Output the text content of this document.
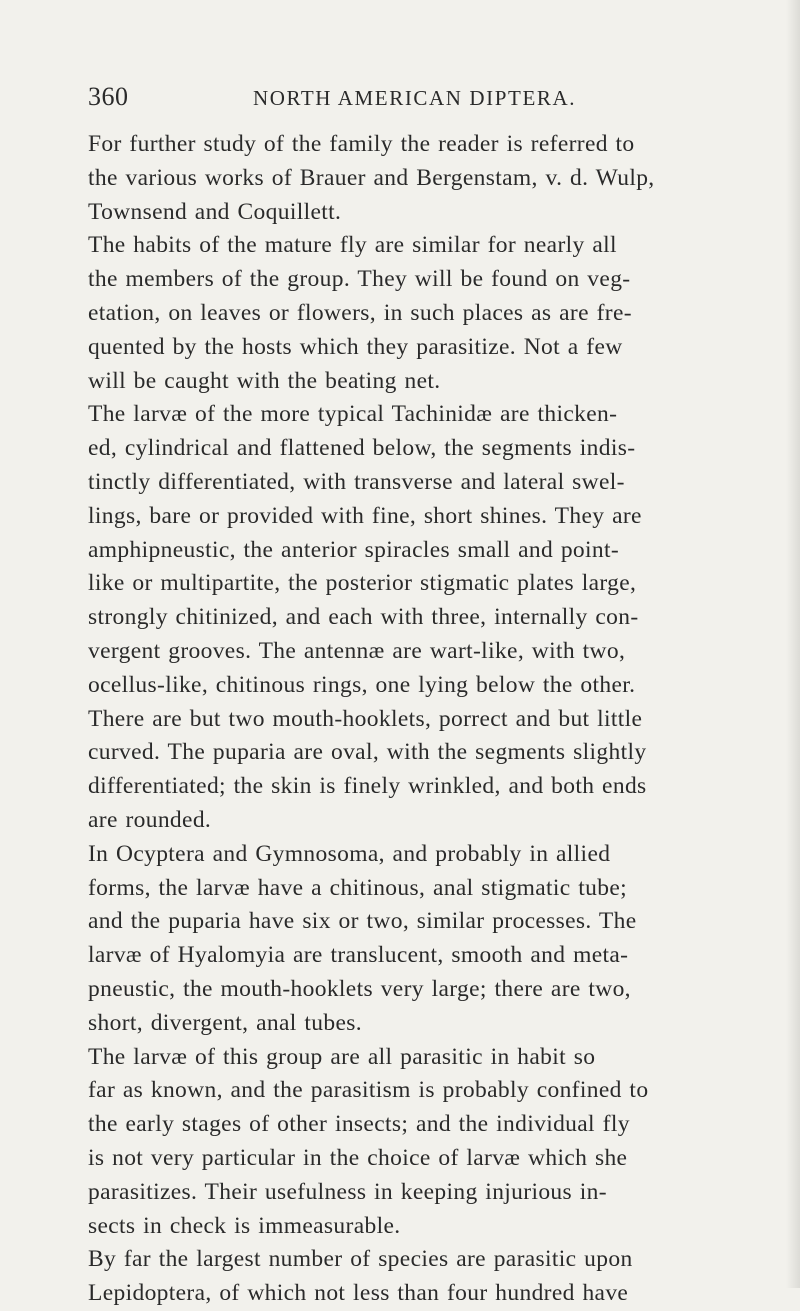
360	NORTH AMERICAN DIPTERA.
For further study of the family the reader is referred to
the various works of Brauer and Bergenstam, v. d. Wulp,
Townsend and Coquillett.
The habits of the mature fly are similar for nearly all
the members of the group. They will be found on veg-
etation, on leaves or flowers, in such places as are fre-
quented by the hosts which they parasitize. Not a few
will be caught with the beating net.
The larvæ of the more typical Tachinidæ are thicken-
ed, cylindrical and flattened below, the segments indis-
tinctly differentiated, with transverse and lateral swel-
lings, bare or provided with fine, short shines. They are
amphipneustic, the anterior spiracles small and point-
like or multipartite, the posterior stigmatic plates large,
strongly chitinized, and each with three, internally con-
vergent grooves. The antennæ are wart-like, with two,
ocellus-like, chitinous rings, one lying below the other.
There are but two mouth-hooklets, porrect and but little
curved. The puparia are oval, with the segments slightly
differentiated; the skin is finely wrinkled, and both ends
are rounded.
In Ocyptera and Gymnosoma, and probably in allied
forms, the larvæ have a chitinous, anal stigmatic tube;
and the puparia have six or two, similar processes. The
larvæ of Hyalomyia are translucent, smooth and meta-
pneustic, the mouth-hooklets very large; there are two,
short, divergent, anal tubes.
The larvæ of this group are all parasitic in habit so
far as known, and the parasitism is probably confined to
the early stages of other insects; and the individual fly
is not very particular in the choice of larvæ which she
parasitizes. Their usefulness in keeping injurious in-
sects in check is immeasurable.
By far the largest number of species are parasitic upon
Lepidoptera, of which not less than four hundred have
